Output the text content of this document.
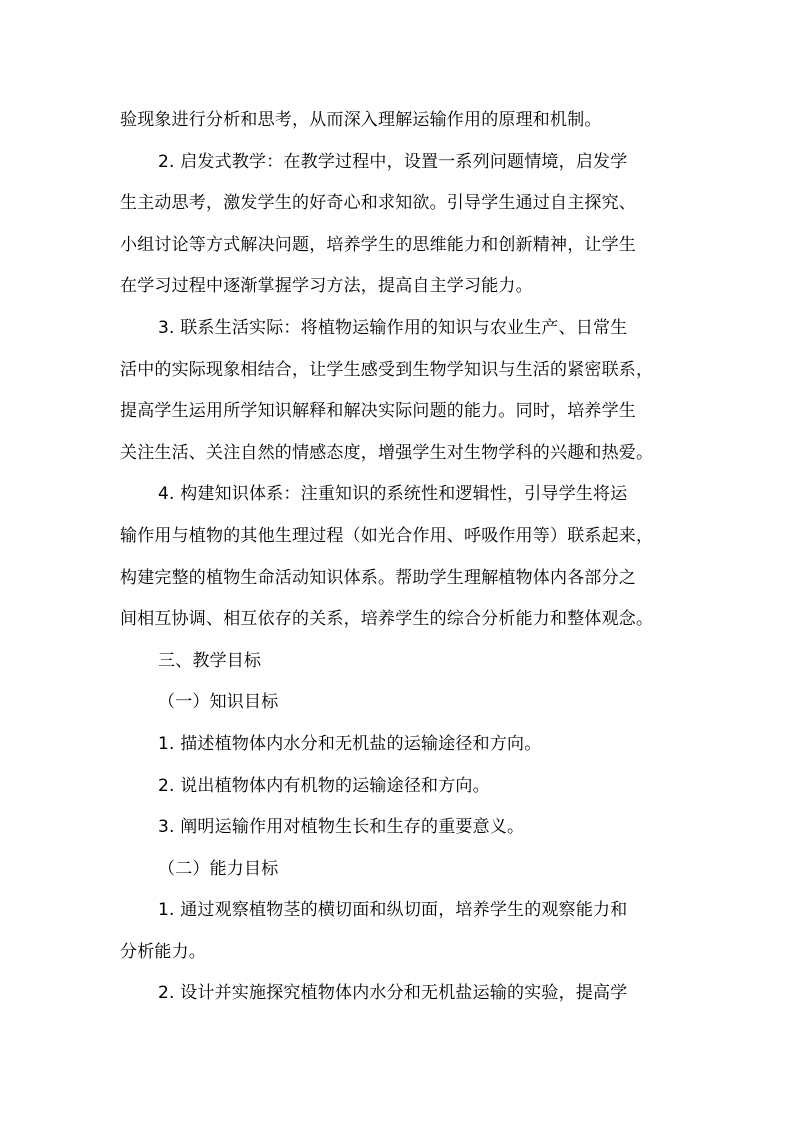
验现象进行分析和思考，从而深入理解运输作用的原理和机制。
2. 启发式教学：在教学过程中，设置一系列问题情境，启发学
生主动思考，激发学生的好奇心和求知欲。引导学生通过自主探究、
小组讨论等方式解决问题，培养学生的思维能力和创新精神，让学生
在学习过程中逐渐掌握学习方法，提高自主学习能力。
3. 联系生活实际：将植物运输作用的知识与农业生产、日常生
活中的实际现象相结合，让学生感受到生物学知识与生活的紧密联系，
提高学生运用所学知识解释和解决实际问题的能力。同时，培养学生
关注生活、关注自然的情感态度，增强学生对生物学科的兴趣和热爱。
4. 构建知识体系：注重知识的系统性和逻辑性，引导学生将运
输作用与植物的其他生理过程（如光合作用、呼吸作用等）联系起来，
构建完整的植物生命活动知识体系。帮助学生理解植物体内各部分之
间相互协调、相互依存的关系，培养学生的综合分析能力和整体观念。
三、教学目标
（一）知识目标
1. 描述植物体内水分和无机盐的运输途径和方向。
2. 说出植物体内有机物的运输途径和方向。
3. 阐明运输作用对植物生长和生存的重要意义。
（二）能力目标
1. 通过观察植物茎的横切面和纵切面，培养学生的观察能力和
分析能力。
2. 设计并实施探究植物体内水分和无机盐运输的实验，提高学
